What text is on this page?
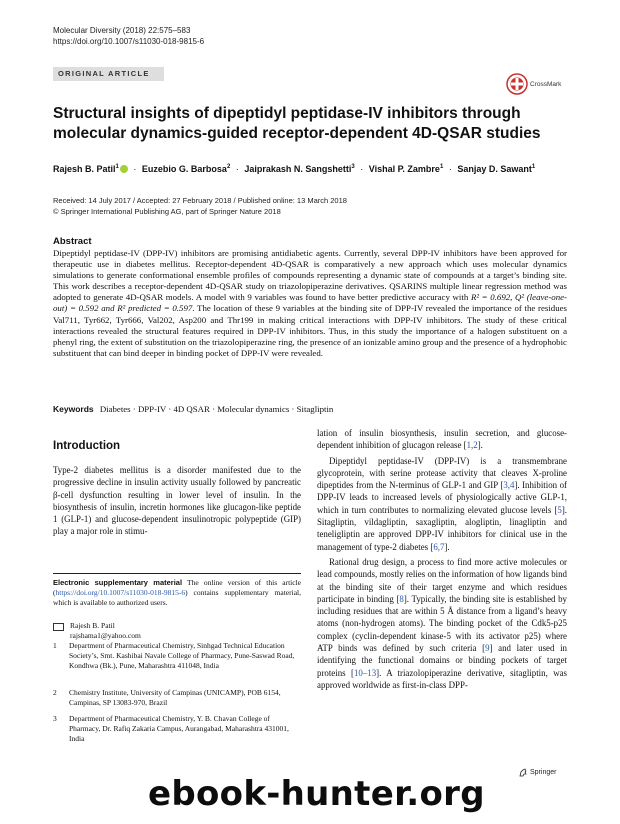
Molecular Diversity (2018) 22:575–583
https://doi.org/10.1007/s11030-018-9815-6
ORIGINAL ARTICLE
CrossMark
Structural insights of dipeptidyl peptidase-IV inhibitors through molecular dynamics-guided receptor-dependent 4D-QSAR studies
Rajesh B. Patil$^1$ · Euzebio G. Barbosa$^2$ · Jaiprakash N. Sangshetti$^3$ · Vishal P. Zambre$^1$ · Sanjay D. Sawant$^1$
Received: 14 July 2017 / Accepted: 27 February 2018 / Published online: 13 March 2018
© Springer International Publishing AG, part of Springer Nature 2018
Abstract

Dipeptidyl peptidase-IV (DPP-IV) inhibitors are promising antidiabetic agents. Currently, several DPP-IV inhibitors have been approved for therapeutic use in diabetes mellitus. Receptor-dependent 4D-QSAR is comparatively a new approach which uses molecular dynamics simulations to generate conformational ensemble profiles of compounds representing a dynamic state of compounds at a target’s binding site. This work describes a receptor-dependent 4D-QSAR study on triazolopiperazine derivatives. QSARINS multiple linear regression method was adopted to generate 4D-QSAR models. A model with 9 variables was found to have better predictive accuracy with R² = 0.692, Q² (leave-one-out) = 0.592 and R² predicted = 0.597. The location of these 9 variables at the binding site of DPP-IV revealed the importance of the residues Val711, Tyr662, Tyr666, Val202, Asp200 and Thr199 in making critical interactions with DPP-IV inhibitors. The study of these critical interactions revealed the structural features required in DPP-IV inhibitors. Thus, in this study the importance of a halogen substituent on a phenyl ring, the extent of substitution on the triazolopiperazine ring, the presence of an ionizable amino group and the presence of a hydrophobic substituent that can bind deeper in binding pocket of DPP-IV were revealed.

Keywords Diabetes · DPP-IV · 4D QSAR · Molecular dynamics · Sitagliptin
Introduction

Type-2 diabetes mellitus is a disorder manifested due to the progressive decline in insulin activity usually followed by pancreatic β-cell dysfunction resulting in lower level of insulin. In the biosynthesis of insulin, incretin hormones like glucagon-like peptide 1 (GLP-1) and glucose-dependent insulinotropic polypeptide (GIP) play a major role in stimu-

lation of insulin biosynthesis, insulin secretion, and glucose-dependent inhibition of glucagon release [1,2].

Dipeptidyl peptidase-IV (DPP-IV) is a transmembrane glycoprotein, with serine protease activity that cleaves X-proline dipeptides from the N-terminus of GLP-1 and GIP [3,4]. Inhibition of DPP-IV leads to increased levels of physiologically active GLP-1, which in turn contributes to normalizing elevated glucose levels [5]. Sitagliptin, vildagliptin, saxagliptin, alogliptin, linagliptin and teneligliptin are approved DPP-IV inhibitors for clinical use in the management of type-2 diabetes [6,7].

Rational drug design, a process to find more active molecules or lead compounds, mostly relies on the information of how ligands bind at the binding site of their target enzyme and which residues participate in binding [8]. Typically, the binding site is established by including residues that are within 5 Å distance from a ligand’s heavy atoms (non-hydrogen atoms). The binding pocket of the Cdk5-p25 complex (cyclin-dependent kinase-5 with its activator p25) where ATP binds was defined by such criteria [9] and later used in identifying the functional domains or binding pockets of target proteins [10–13]. A triazolopiperazine derivative, sitagliptin, was approved worldwide as first-in-class DPP-

Electronic supplementary material The online version of this article (https://doi.org/10.1007/s11030-018-9815-6) contains supplementary material, which is available to authorized users.
Rajesh B. Patil
rajshama1@yahoo.com
1	Department of Pharmaceutical Chemistry, Sinhgad Technical Education Society’s, Smt. Kashibai Navale College of Pharmacy, Pune-Saswad Road, Kondhwa (Bk.), Pune, Maharashtra 411048, India
2	Chemistry Institute, University of Campinas (UNICAMP), POB 6154, Campinas, SP 13083-970, Brazil
3	Department of Pharmaceutical Chemistry, Y. B. Chavan College of Pharmacy, Dr. Rafiq Zakaria Campus, Aurangabad, Maharashtra 431001, India
Springer
ebook-hunter.org
